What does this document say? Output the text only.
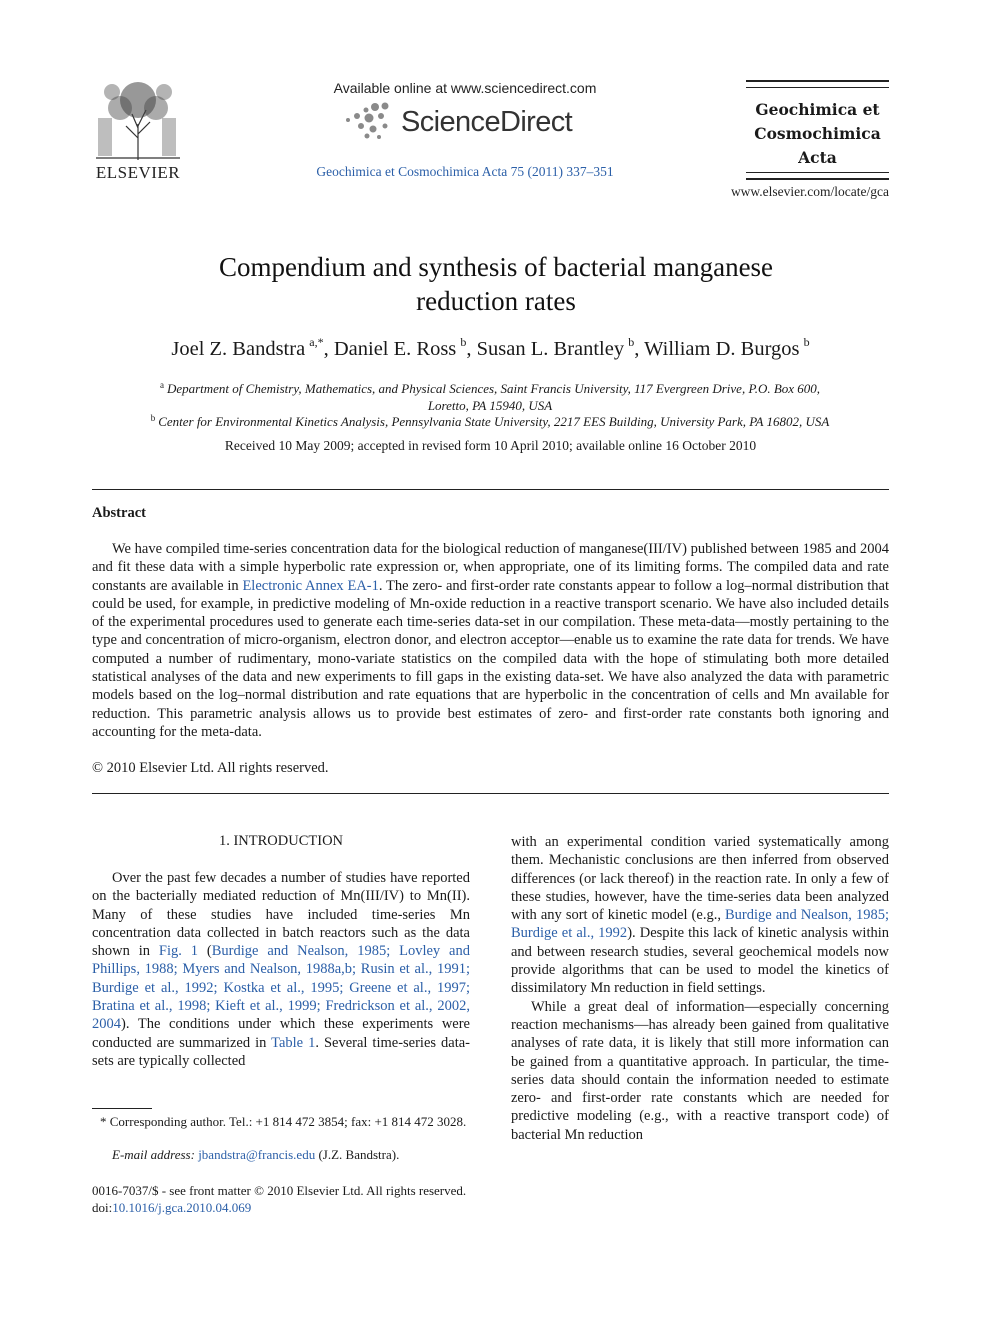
ELSEVIER
Available online at www.sciencedirect.com
ScienceDirect
Geochimica et Cosmochimica Acta 75 (2011) 337–351
Geochimica et
Cosmochimica
Acta
www.elsevier.com/locate/gca
Compendium and synthesis of bacterial manganese
reduction rates
Joel Z. Bandstra  $^{a,*}$, Daniel E. Ross  $^b$, Susan L. Brantley  $^b$, William D. Burgos  $^b$
$^a$ Department of Chemistry, Mathematics, and Physical Sciences, Saint Francis University, 117 Evergreen Drive, P.O. Box 600,
Loretto, PA 15940, USA
$^b$ Center for Environmental Kinetics Analysis, Pennsylvania State University, 2217 EES Building, University Park, PA 16802, USA
Received 10 May 2009; accepted in revised form 10 April 2010; available online 16 October 2010
Abstract

We have compiled time-series concentration data for the biological reduction of manganese(III/IV) published between 1985 and 2004 and fit these data with a simple hyperbolic rate expression or, when appropriate, one of its limiting forms. The compiled data and rate constants are available in Electronic Annex EA-1. The zero- and first-order rate constants appear to follow a log–normal distribution that could be used, for example, in predictive modeling of Mn-oxide reduction in a reactive transport scenario. We have also included details of the experimental procedures used to generate each time-series data-set in our compilation. These meta-data—mostly pertaining to the type and concentration of micro-organism, electron donor, and electron acceptor—enable us to examine the rate data for trends. We have computed a number of rudimentary, mono-variate statistics on the compiled data with the hope of stimulating both more detailed statistical analyses of the data and new experiments to fill gaps in the existing data-set. We have also analyzed the data with parametric models based on the log–normal distribution and rate equations that are hyperbolic in the concentration of cells and Mn available for reduction. This parametric analysis allows us to provide best estimates of zero- and first-order rate constants both ignoring and accounting for the meta-data.

© 2010 Elsevier Ltd. All rights reserved.
1. INTRODUCTION

Over the past few decades a number of studies have reported on the bacterially mediated reduction of Mn(III/IV) to Mn(II). Many of these studies have included time-series Mn concentration data collected in batch reactors such as the data shown in Fig. 1 (Burdige and Nealson, 1985; Lovley and Phillips, 1988; Myers and Nealson, 1988a,b; Rusin et al., 1991; Burdige et al., 1992; Kostka et al., 1995; Greene et al., 1997; Bratina et al., 1998; Kieft et al., 1999; Fredrickson et al., 2002, 2004). The conditions under which these experiments were conducted are summarized in Table 1. Several time-series data-sets are typically collected

with an experimental condition varied systematically among them. Mechanistic conclusions are then inferred from observed differences (or lack thereof) in the reaction rate. In only a few of these studies, however, have the time-series data been analyzed with any sort of kinetic model (e.g., Burdige and Nealson, 1985; Burdige et al., 1992). Despite this lack of kinetic analysis within and between research studies, several geochemical models now provide algorithms that can be used to model the kinetics of dissimilatory Mn reduction in field settings.

While a great deal of information—especially concerning reaction mechanisms—has already been gained from qualitative analyses of rate data, it is likely that still more information can be gained from a quantitative approach. In particular, the time-series data should contain the information needed to estimate zero- and first-order rate constants which are needed for predictive modeling (e.g., with a reactive transport code) of bacterial Mn reduction

* Corresponding author. Tel.: +1 814 472 3854; fax: +1 814 472 3028.

E-mail address: jbandstra@francis.edu (J.Z. Bandstra).
0016-7037/$ - see front matter © 2010 Elsevier Ltd. All rights reserved.
doi:10.1016/j.gca.2010.04.069
